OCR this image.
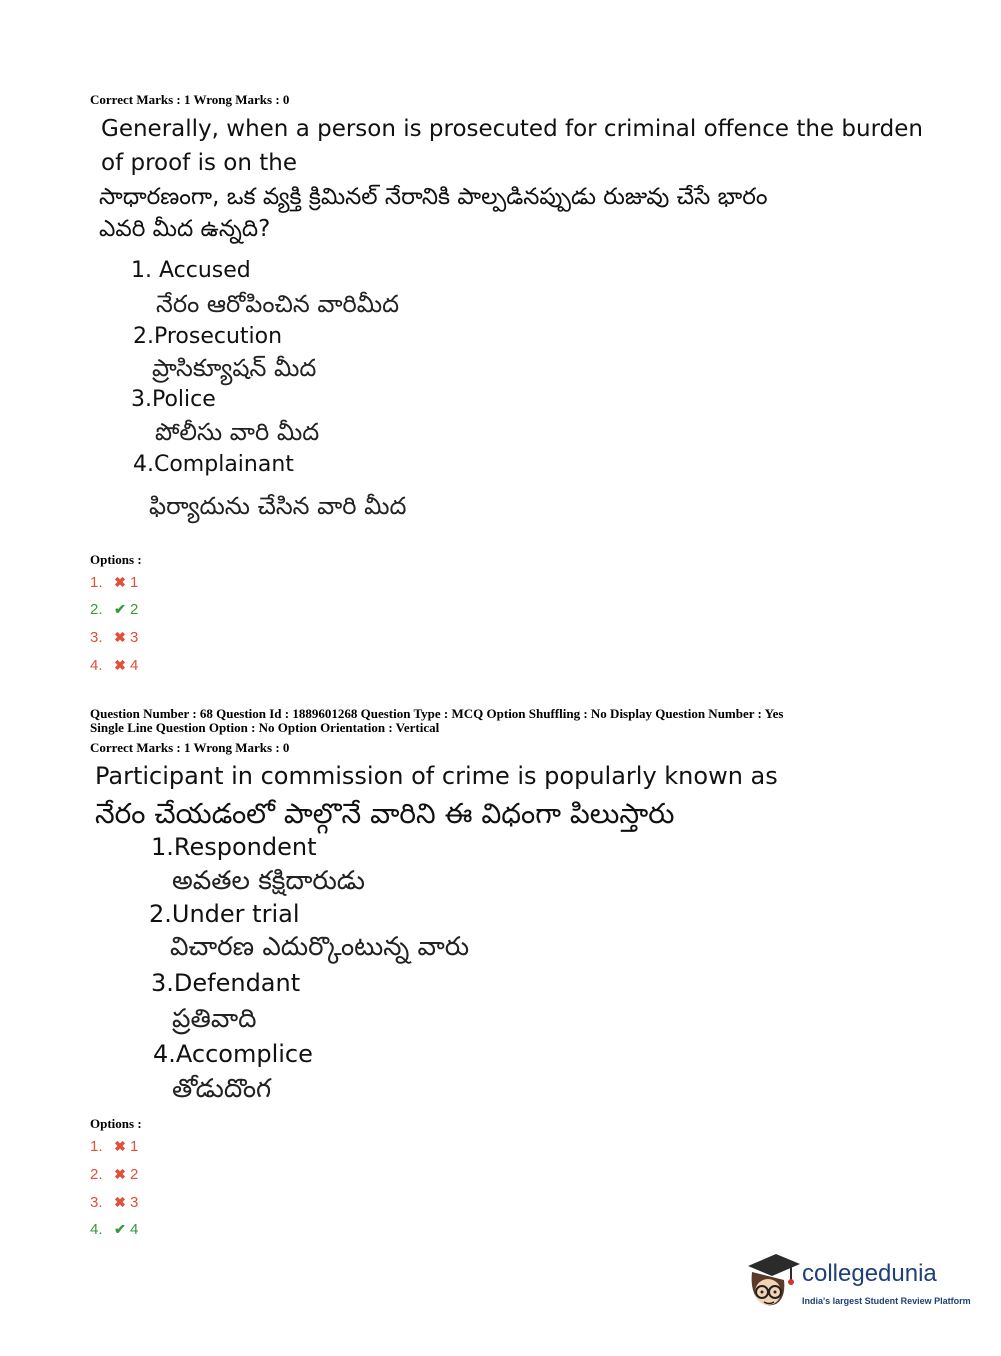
Correct Marks : 1 Wrong Marks : 0
Generally, when a person is prosecuted for criminal offence the burden
of proof is on the
సాధారణంగా, ఒక వ్యక్తి క్రిమినల్ నేరానికి పాల్పడినప్పుడు రుజువు చేసే భారం
ఎవరి మీద ఉన్నది?
1. Accused
నేరం ఆరోపించిన వారిమీద
2.Prosecution
ప్రాసిక్యూషన్ మీద
3.Police
పోలీసు వారి మీద
4.Complainant
ఫిర్యాదును చేసిన వారి మీద
Options :
1. ✖ 1
2. ✔ 2
3. ✖ 3
4. ✖ 4
Question Number : 68 Question Id : 1889601268 Question Type : MCQ Option Shuffling : No Display Question Number : Yes
Single Line Question Option : No Option Orientation : Vertical
Correct Marks : 1 Wrong Marks : 0
Participant in commission of crime is popularly known as
నేరం చేయడంలో పాల్గొనే వారిని ఈ విధంగా పిలుస్తారు
1.Respondent
అవతల కక్షిదారుడు
2.Under trial
విచారణ ఎదుర్కొంటున్న వారు
3.Defendant
ప్రతివాది
4.Accomplice
తోడుదొంగ
Options :
1. ✖ 1
2. ✖ 2
3. ✖ 3
4. ✔ 4
collegedunia
India's largest Student Review Platform
